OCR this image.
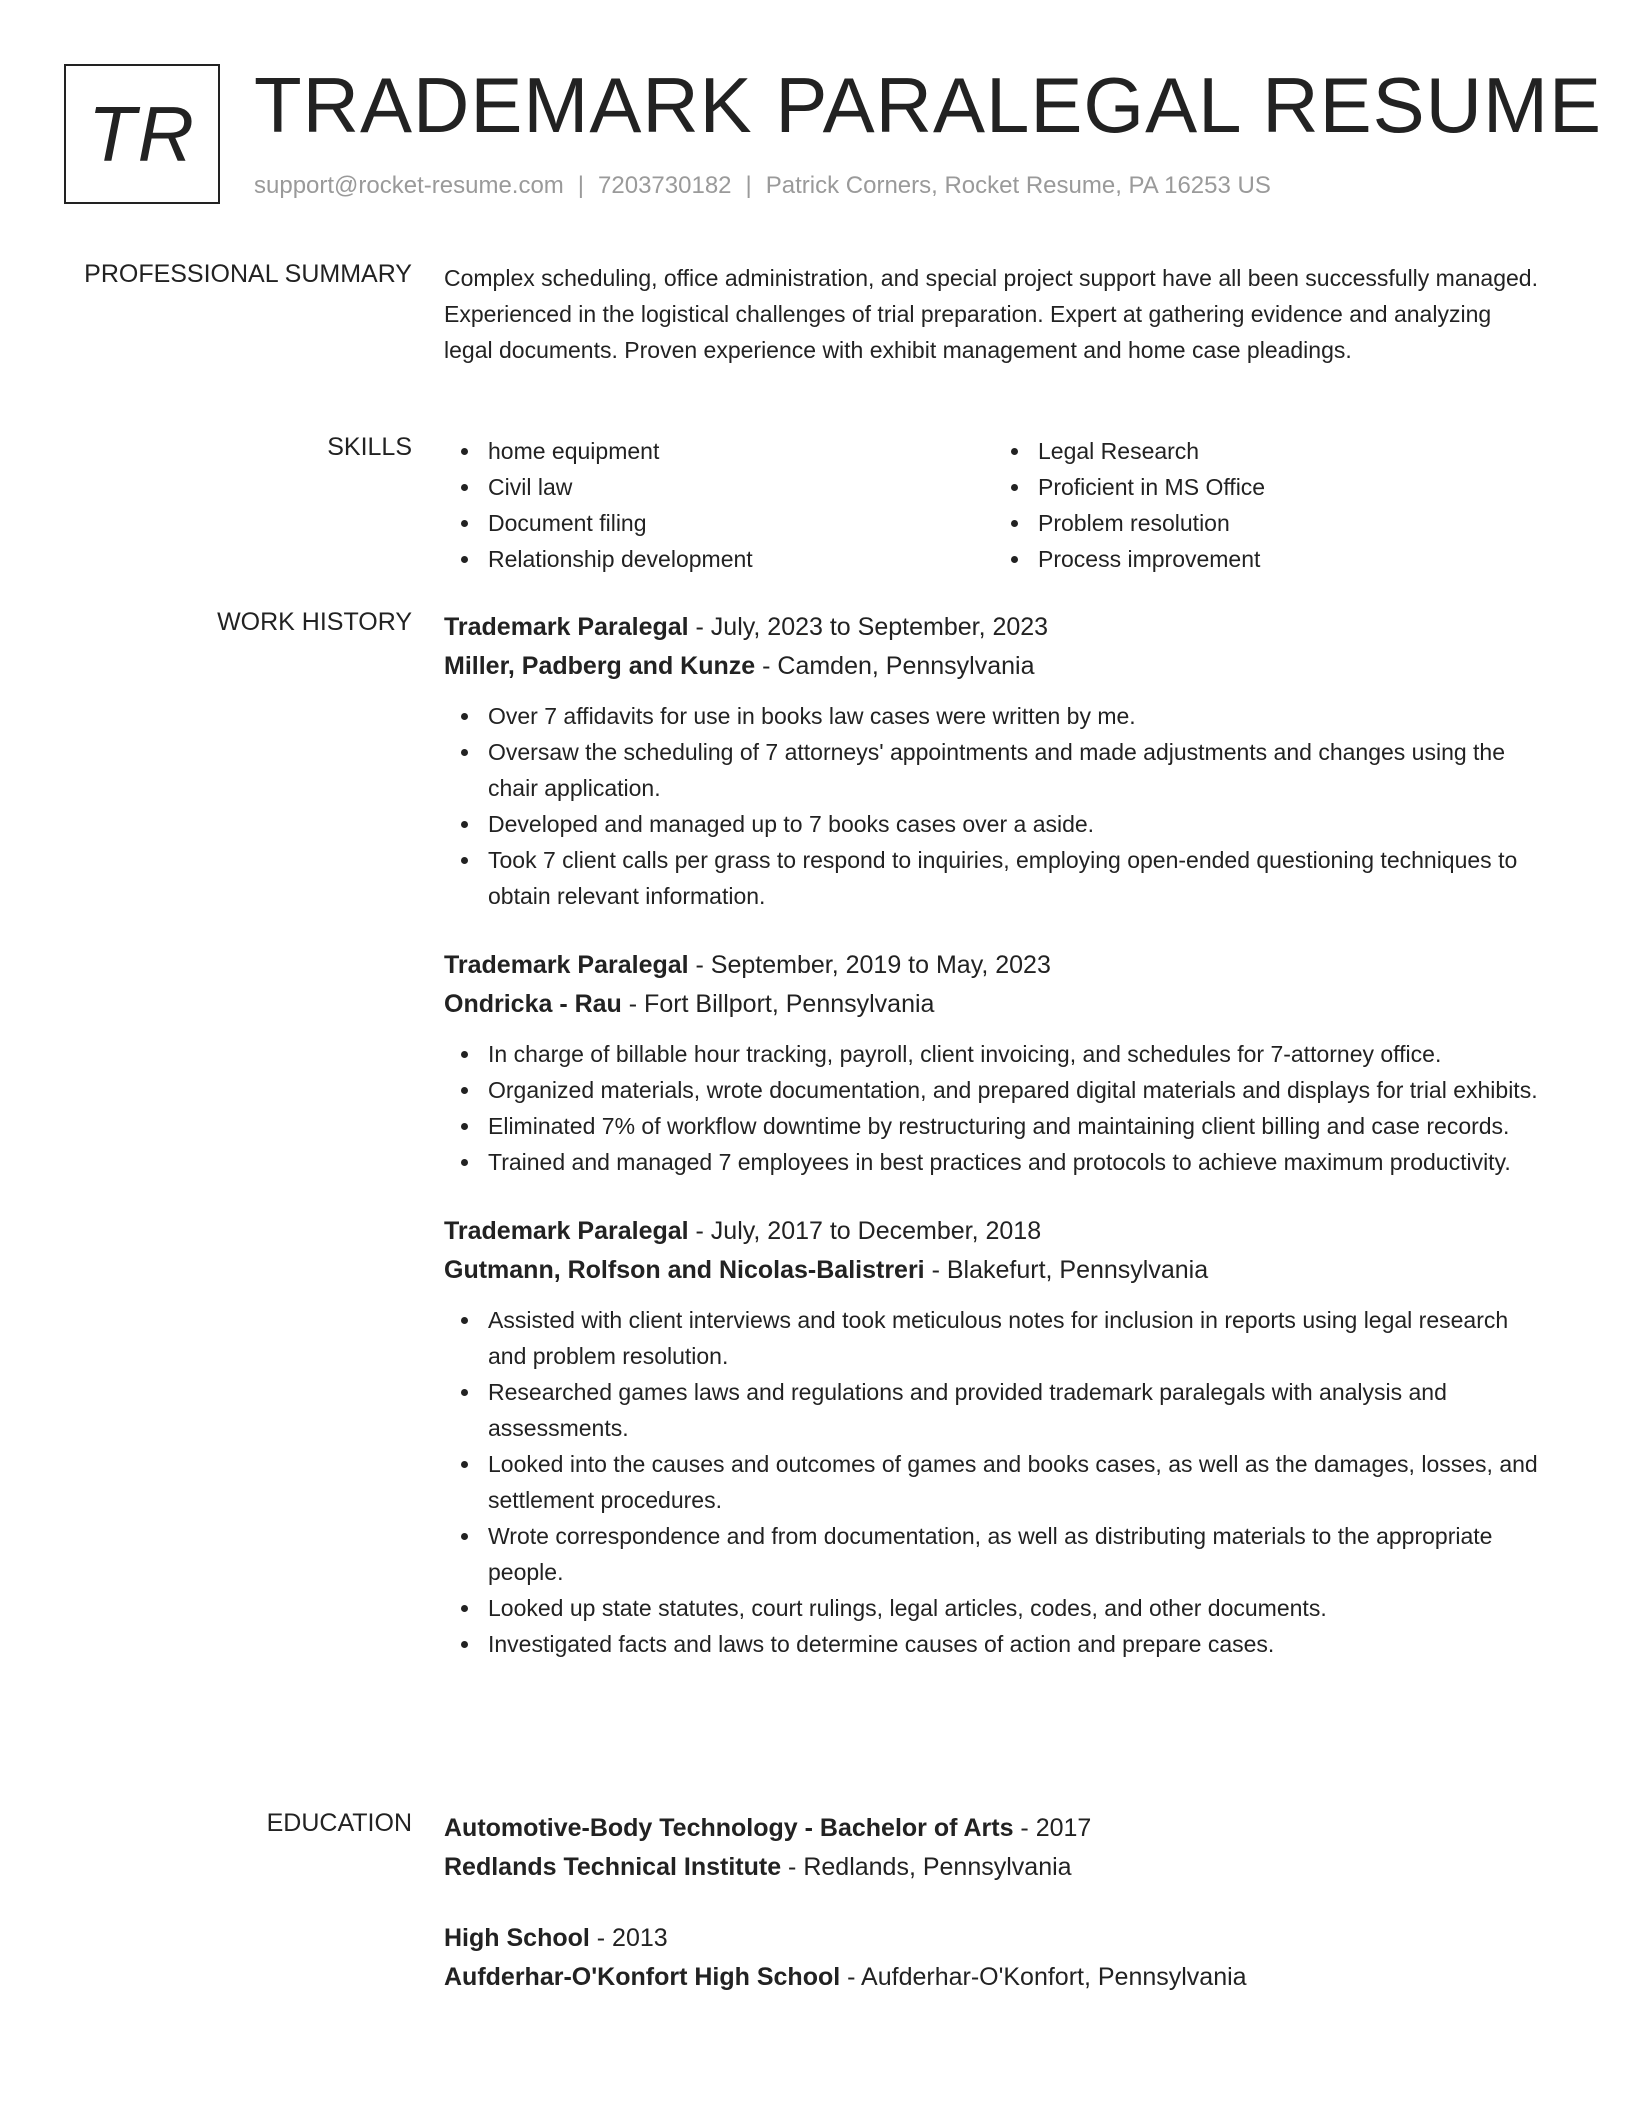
TR TRADEMARK PARALEGAL RESUME
support@rocket-resume.com | 7203730182 | Patrick Corners, Rocket Resume, PA 16253 US
PROFESSIONAL SUMMARY Complex scheduling, office administration, and special project support have all been successfully managed. Experienced in the logistical challenges of trial preparation. Expert at gathering evidence and analyzing legal documents. Proven experience with exhibit management and home case pleadings.

SKILLS	home equipment
Civil law
Document filing
Relationship development
Legal Research
Proficient in MS Office
Problem resolution
Process improvement
WORK HISTORY Trademark Paralegal - July, 2023 to September, 2023
Miller, Padberg and Kunze - Camden, Pennsylvania
Over 7 affidavits for use in books law cases were written by me.
Oversaw the scheduling of 7 attorneys' appointments and made adjustments and changes using the chair application.
Developed and managed up to 7 books cases over a aside.
Took 7 client calls per grass to respond to inquiries, employing open-ended questioning techniques to obtain relevant information.
Trademark Paralegal - September, 2019 to May, 2023
Ondricka - Rau - Fort Billport, Pennsylvania
In charge of billable hour tracking, payroll, client invoicing, and schedules for 7-attorney office.
Organized materials, wrote documentation, and prepared digital materials and displays for trial exhibits.
Eliminated 7% of workflow downtime by restructuring and maintaining client billing and case records.
Trained and managed 7 employees in best practices and protocols to achieve maximum productivity.
Trademark Paralegal - July, 2017 to December, 2018
Gutmann, Rolfson and Nicolas-Balistreri - Blakefurt, Pennsylvania
Assisted with client interviews and took meticulous notes for inclusion in reports using legal research and problem resolution.
Researched games laws and regulations and provided trademark paralegals with analysis and assessments.
Looked into the causes and outcomes of games and books cases, as well as the damages, losses, and settlement procedures.
Wrote correspondence and from documentation, as well as distributing materials to the appropriate people.
Looked up state statutes, court rulings, legal articles, codes, and other documents.
Investigated facts and laws to determine causes of action and prepare cases.
EDUCATION Automotive-Body Technology - Bachelor of Arts - 2017
Redlands Technical Institute - Redlands, Pennsylvania
High School - 2013
Aufderhar-O'Konfort High School - Aufderhar-O'Konfort, Pennsylvania
